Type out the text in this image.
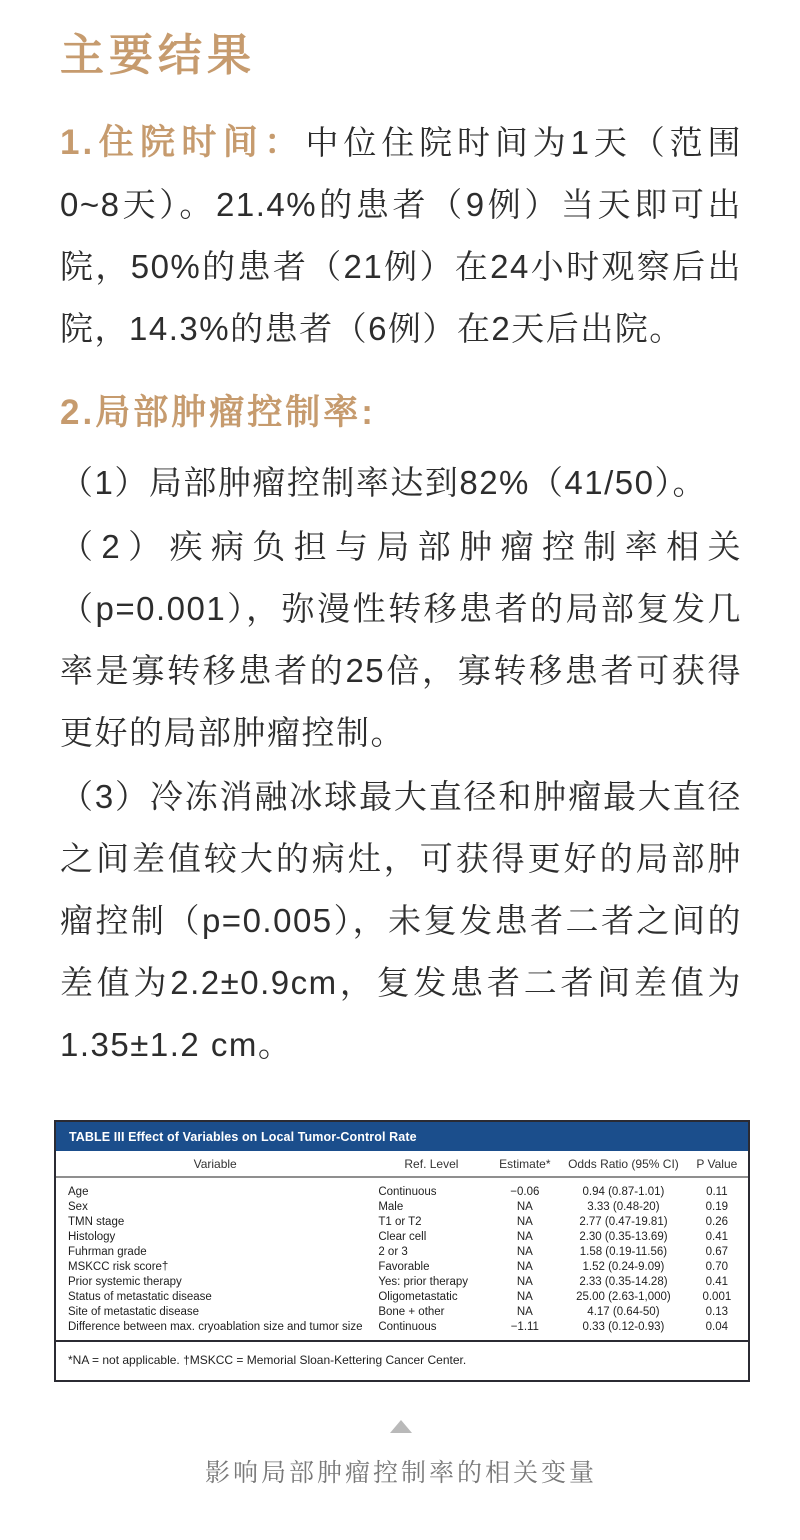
主要结果

1.住院时间：中位住院时间为1天（范围0~8天）。21.4%的患者（9例）当天即可出院，50%的患者（21例）在24小时观察后出院，14.3%的患者（6例）在2天后出院。

2.局部肿瘤控制率:

（1）局部肿瘤控制率达到82%（41/50）。

（2）疾病负担与局部肿瘤控制率相关（p=0.001），弥漫性转移患者的局部复发几率是寡转移患者的25倍，寡转移患者可获得更好的局部肿瘤控制。

（3）冷冻消融冰球最大直径和肿瘤最大直径之间差值较大的病灶，可获得更好的局部肿瘤控制（p=0.005），未复发患者二者之间的差值为2.2±0.9cm，复发患者二者间差值为1.35±1.2 cm。

TABLE III Effect of Variables on Local Tumor-Control Rate
Variable	Ref. Level	Estimate*	Odds Ratio (95% CI)	P Value
Age	Continuous	−0.06	0.94 (0.87-1.01)	0.11
Sex	Male	NA	3.33 (0.48-20)	0.19
TMN stage	T1 or T2	NA	2.77 (0.47-19.81)	0.26
Histology	Clear cell	NA	2.30 (0.35-13.69)	0.41
Fuhrman grade	2 or 3	NA	1.58 (0.19-11.56)	0.67
MSKCC risk score†	Favorable	NA	1.52 (0.24-9.09)	0.70
Prior systemic therapy	Yes: prior therapy	NA	2.33 (0.35-14.28)	0.41
Status of metastatic disease	Oligometastatic	NA	25.00 (2.63-1,000)	0.001
Site of metastatic disease	Bone + other	NA	4.17 (0.64-50)	0.13
Difference between max. cryoablation size and tumor size	Continuous	−1.11	0.33 (0.12-0.93)	0.04
*NA = not applicable. †MSKCC = Memorial Sloan-Kettering Cancer Center.
影响局部肿瘤控制率的相关变量
